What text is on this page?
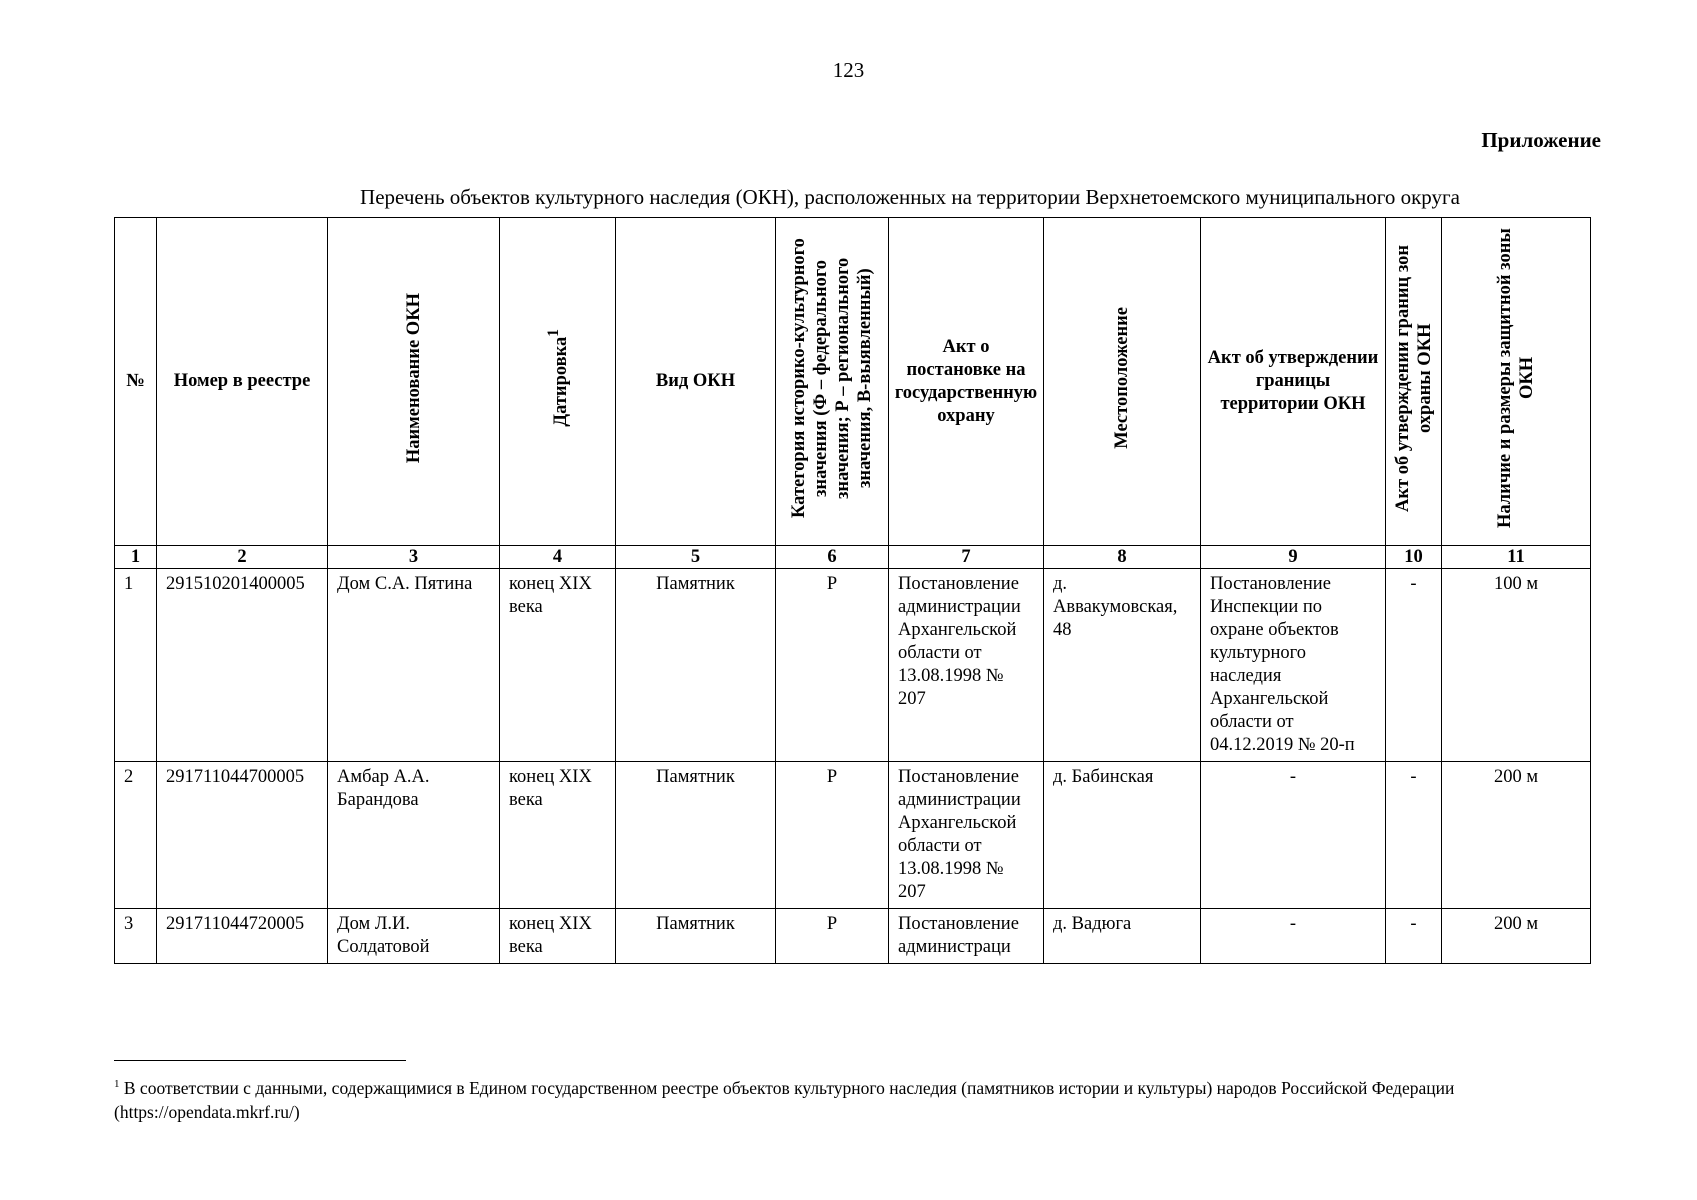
123
Приложение
Перечень объектов культурного наследия (ОКН), расположенных на территории Верхнетоемского муниципального округа
№	Номер в реестре	Наименование ОКН	Датировка$^1$	Вид ОКН	Категория историко-культурного значения (Ф – федерального значения; Р – регионального значения, В-выявленный)	Акт о постановке на государственную охрану	Местоположение	Акт об утверждении границы территории ОКН	Акт об утверждении границ зон охраны ОКН	Наличие и размеры защитной зоны ОКН
1	2	3	4	5	6	7	8	9	10	11
1	291510201400005	Дом С.А. Пятина	конец XIX века	Памятник	Р	Постановление администрации Архангельской области от 13.08.1998 № 207	д. Аввакумовская, 48	Постановление Инспекции по охране объектов культурного наследия Архангельской области от 04.12.2019 № 20-п	-	100 м
2	291711044700005	Амбар А.А. Барандова	конец XIX века	Памятник	Р	Постановление администрации Архангельской области от 13.08.1998 № 207	д. Бабинская	-	-	200 м
3	291711044720005	Дом Л.И. Солдатовой	конец XIX века	Памятник	Р	Постановление администраци	д. Вадюга	-	-	200 м
$^1$ В соответствии с данными, содержащимися в Едином государственном реестре объектов культурного наследия (памятников истории и культуры) народов Российской Федерации (https://opendata.mkrf.ru/)
